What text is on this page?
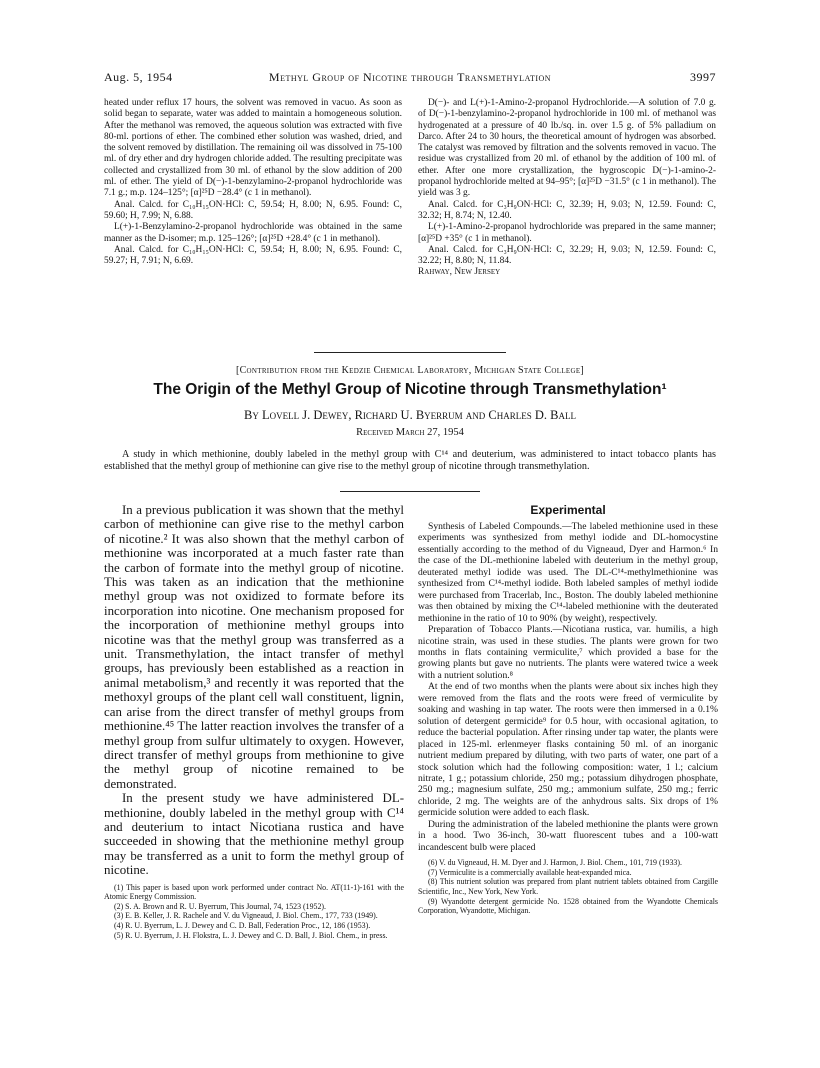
Aug. 5, 1954	Methyl Group of Nicotine through Transmethylation	3997

heated under reflux 17 hours, the solvent was removed in vacuo. As soon as solid began to separate, water was added to maintain a homogeneous solution. After the methanol was removed, the aqueous solution was extracted with five 80-ml. portions of ether. The combined ether solution was washed, dried, and the solvent removed by distillation. The remaining oil was dissolved in 75-100 ml. of dry ether and dry hydrogen chloride added. The resulting precipitate was collected and crystallized from 30 ml. of ethanol by the slow addition of 200 ml. of ether. The yield of D(−)-1-benzylamino-2-propanol hydrochloride was 7.1 g.; m.p. 124–125°; [α]²⁵D −28.4° (c 1 in methanol).

Anal. Calcd. for C₁₀H₁₅ON·HCl: C, 59.54; H, 8.00; N, 6.95. Found: C, 59.60; H, 7.99; N, 6.88.

L(+)-1-Benzylamino-2-propanol hydrochloride was obtained in the same manner as the D-isomer; m.p. 125–126°; [α]²⁵D +28.4° (c 1 in methanol).

Anal. Calcd. for C₁₀H₁₅ON·HCl: C, 59.54; H, 8.00; N, 6.95. Found: C, 59.27; H, 7.91; N, 6.69.

D(−)- and L(+)-1-Amino-2-propanol Hydrochloride.—A solution of 7.0 g. of D(−)-1-benzylamino-2-propanol hydrochloride in 100 ml. of methanol was hydrogenated at a pressure of 40 lb./sq. in. over 1.5 g. of 5% palladium on Darco. After 24 to 30 hours, the theoretical amount of hydrogen was absorbed. The catalyst was removed by filtration and the solvents removed in vacuo. The residue was crystallized from 20 ml. of ethanol by the addition of 100 ml. of ether. After one more crystallization, the hygroscopic D(−)-1-amino-2-propanol hydrochloride melted at 94–95°; [α]²⁵D −31.5° (c 1 in methanol). The yield was 3 g.

Anal. Calcd. for C₃H₉ON·HCl: C, 32.39; H, 9.03; N, 12.59. Found: C, 32.32; H, 8.74; N, 12.40.

L(+)-1-Amino-2-propanol hydrochloride was prepared in the same manner; [α]²⁵D +35° (c 1 in methanol).

Anal. Calcd. for C₃H₉ON·HCl: C, 32.29; H, 9.03; N, 12.59. Found: C, 32.22; H, 8.80; N, 11.84.

Rahway, New Jersey

[Contribution from the Kedzie Chemical Laboratory, Michigan State College]
The Origin of the Methyl Group of Nicotine through Transmethylation¹
By Lovell J. Dewey, Richard U. Byerrum and Charles D. Ball
Received March 27, 1954
A study in which methionine, doubly labeled in the methyl group with C¹⁴ and deuterium, was administered to intact tobacco plants has established that the methyl group of methionine can give rise to the methyl group of nicotine through transmethylation.

In a previous publication it was shown that the methyl carbon of methionine can give rise to the methyl carbon of nicotine.² It was also shown that the methyl carbon of methionine was incorporated at a much faster rate than the carbon of formate into the methyl group of nicotine. This was taken as an indication that the methionine methyl group was not oxidized to formate before its incorporation into nicotine. One mechanism proposed for the incorporation of methionine methyl groups into nicotine was that the methyl group was transferred as a unit. Transmethylation, the intact transfer of methyl groups, has previously been established as a reaction in animal metabolism,³ and recently it was reported that the methoxyl groups of the plant cell wall constituent, lignin, can arise from the direct transfer of methyl groups from methionine.⁴⁵ The latter reaction involves the transfer of a methyl group from sulfur ultimately to oxygen. However, direct transfer of methyl groups from methionine to give the methyl group of nicotine remained to be demonstrated.

In the present study we have administered DL-methionine, doubly labeled in the methyl group with C¹⁴ and deuterium to intact Nicotiana rustica and have succeeded in showing that the methionine methyl group may be transferred as a unit to form the methyl group of nicotine.

(1) This paper is based upon work performed under contract No. AT(11-1)-161 with the Atomic Energy Commission.

(2) S. A. Brown and R. U. Byerrum, This Journal, 74, 1523 (1952).

(3) E. B. Keller, J. R. Rachele and V. du Vigneaud, J. Biol. Chem., 177, 733 (1949).

(4) R. U. Byerrum, L. J. Dewey and C. D. Ball, Federation Proc., 12, 186 (1953).

(5) R. U. Byerrum, J. H. Flokstra, L. J. Dewey and C. D. Ball, J. Biol. Chem., in press.

Experimental

Synthesis of Labeled Compounds.—The labeled methionine used in these experiments was synthesized from methyl iodide and DL-homocystine essentially according to the method of du Vigneaud, Dyer and Harmon.⁶ In the case of the DL-methionine labeled with deuterium in the methyl group, deuterated methyl iodide was used. The DL-C¹⁴-methylmethionine was synthesized from C¹⁴-methyl iodide. Both labeled samples of methyl iodide were purchased from Tracerlab, Inc., Boston. The doubly labeled methionine was then obtained by mixing the C¹⁴-labeled methionine with the deuterated methionine in the ratio of 10 to 90% (by weight), respectively.

Preparation of Tobacco Plants.—Nicotiana rustica, var. humilis, a high nicotine strain, was used in these studies. The plants were grown for two months in flats containing vermiculite,⁷ which provided a base for the growing plants but gave no nutrients. The plants were watered twice a week with a nutrient solution.⁸

At the end of two months when the plants were about six inches high they were removed from the flats and the roots were freed of vermiculite by soaking and washing in tap water. The roots were then immersed in a 0.1% solution of detergent germicide⁹ for 0.5 hour, with occasional agitation, to reduce the bacterial population. After rinsing under tap water, the plants were placed in 125-ml. erlenmeyer flasks containing 50 ml. of an inorganic nutrient medium prepared by diluting, with two parts of water, one part of a stock solution which had the following composition: water, 1 l.; calcium nitrate, 1 g.; potassium chloride, 250 mg.; potassium dihydrogen phosphate, 250 mg.; magnesium sulfate, 250 mg.; ammonium sulfate, 250 mg.; ferric chloride, 2 mg. The weights are of the anhydrous salts. Six drops of 1% germicide solution were added to each flask.

During the administration of the labeled methionine the plants were grown in a hood. Two 36-inch, 30-watt fluorescent tubes and a 100-watt incandescent bulb were placed

(6) V. du Vigneaud, H. M. Dyer and J. Harmon, J. Biol. Chem., 101, 719 (1933).

(7) Vermiculite is a commercially available heat-expanded mica.

(8) This nutrient solution was prepared from plant nutrient tablets obtained from Cargille Scientific, Inc., New York, New York.

(9) Wyandotte detergent germicide No. 1528 obtained from the Wyandotte Chemicals Corporation, Wyandotte, Michigan.
